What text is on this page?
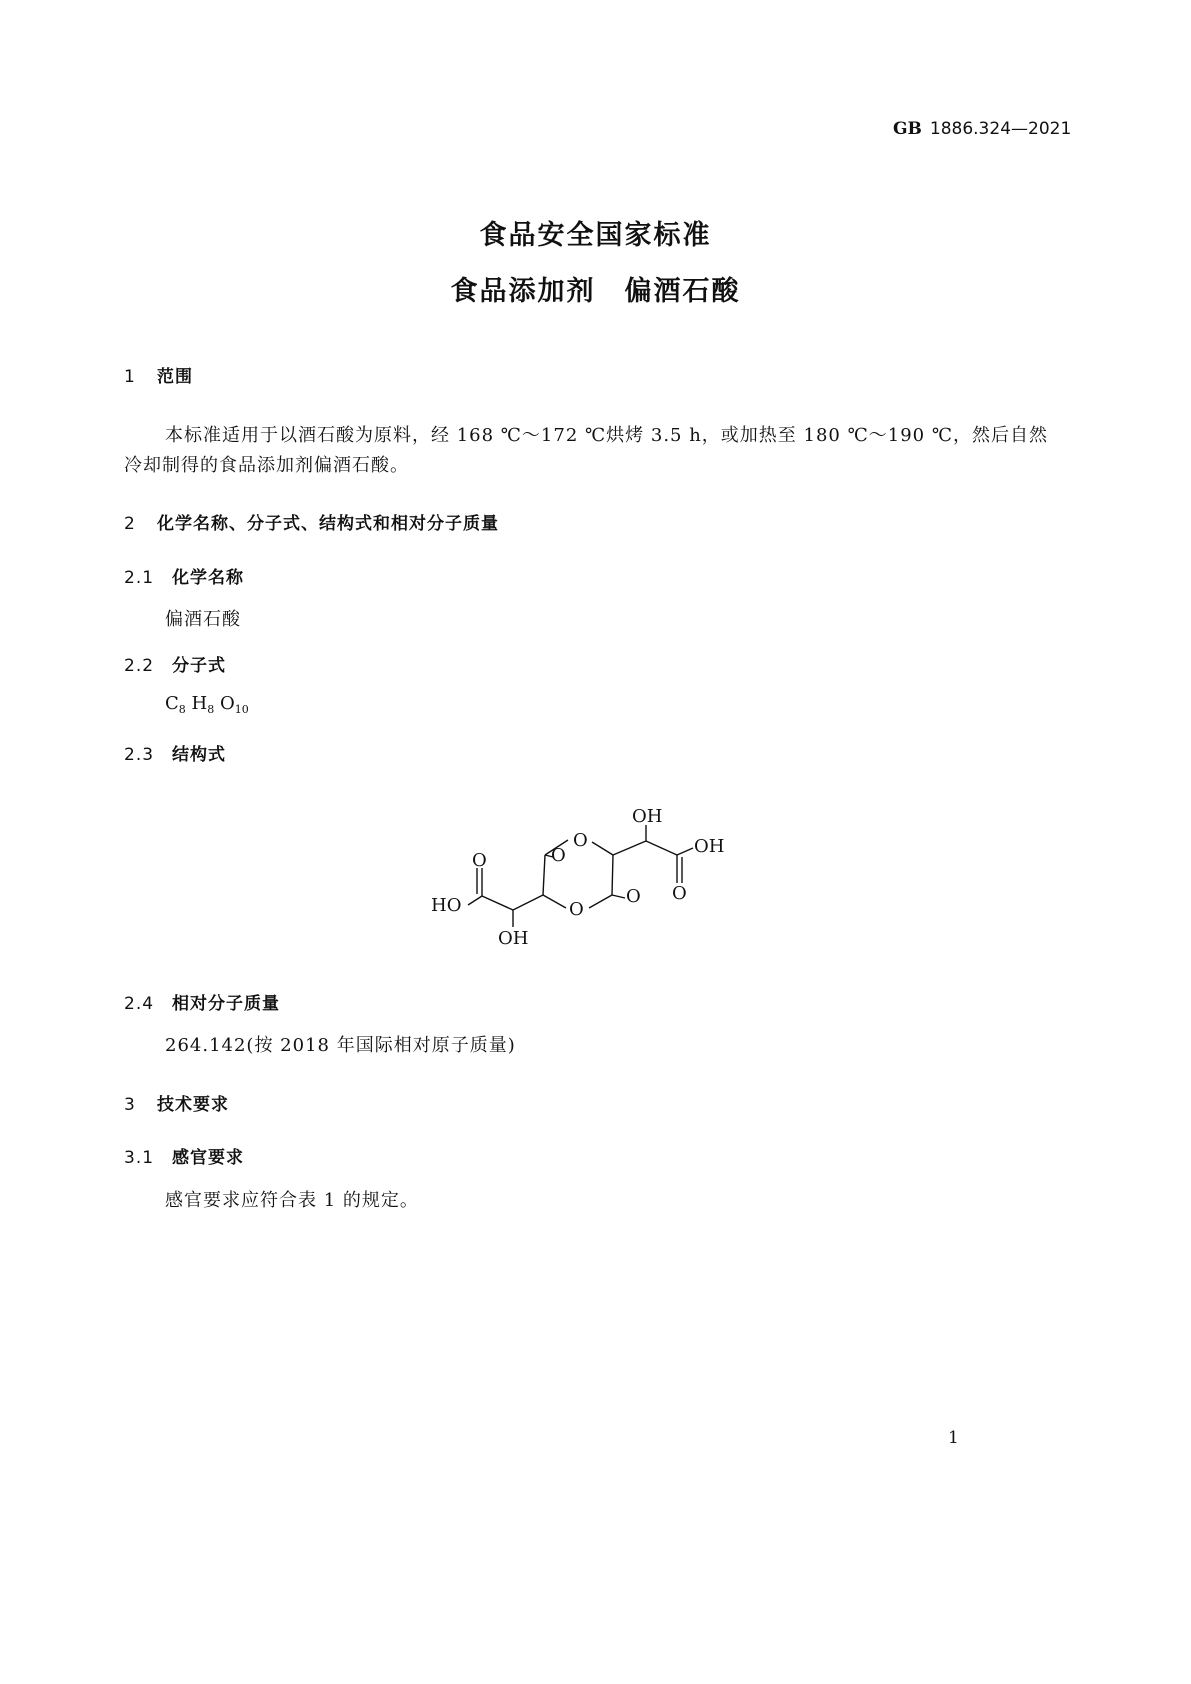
GB 1886.324—2021
食品安全国家标准
食品添加剂　偏酒石酸
1 范围
本标准适用于以酒石酸为原料，经 168 ℃～172 ℃烘烤 3.5 h，或加热至 180 ℃～190 ℃，然后自然
冷却制得的食品添加剂偏酒石酸。
2 化学名称、分子式、结构式和相对分子质量
2.1 化学名称
偏酒石酸
2.2 分子式
$C_8$ $H_8$ $O_{10}$
2.3 结构式
OH
OH
O
O
O
O
O
O
HO
OH
2.4 相对分子质量
264.142(按 2018 年国际相对原子质量)
3 技术要求
3.1 感官要求
感官要求应符合表 1 的规定。
1
